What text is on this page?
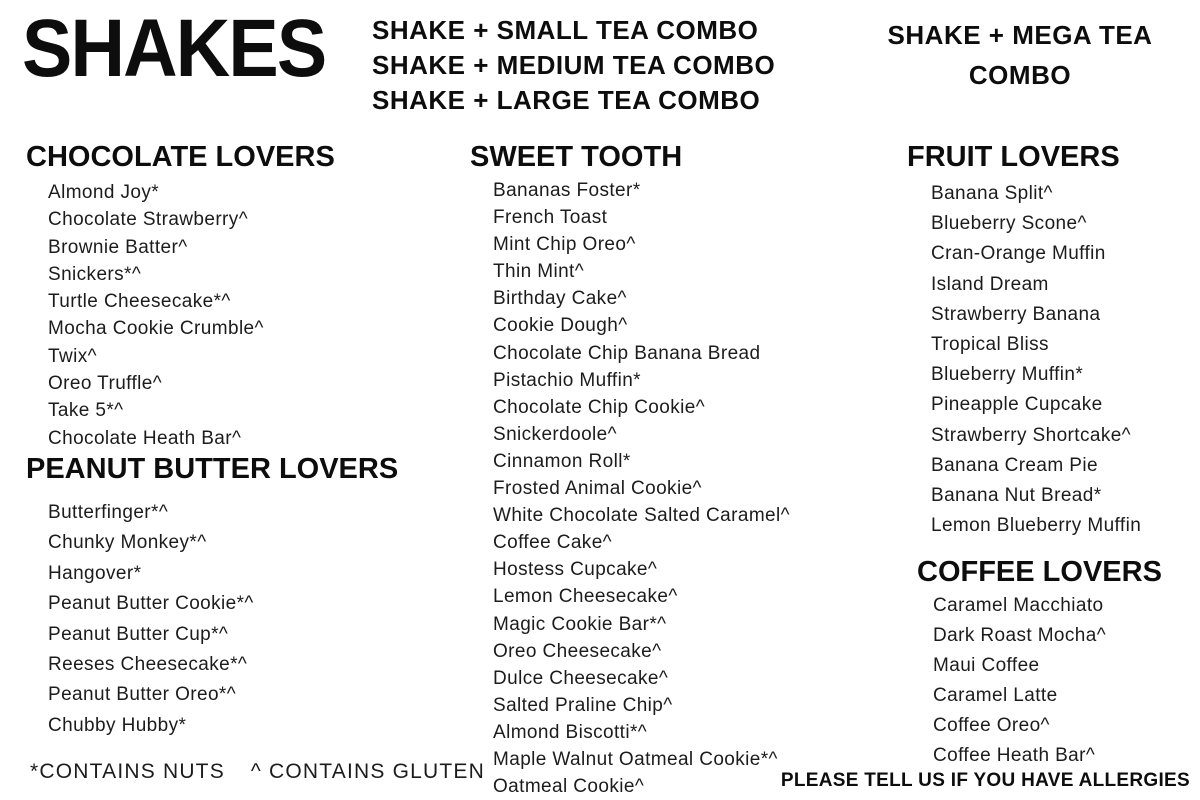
SHAKES SHAKE + SMALL TEA COMBO
SHAKE + MEDIUM TEA COMBO
SHAKE + LARGE TEA COMBO
SHAKE + MEGA TEA
COMBO
CHOCOLATE LOVERS
Almond Joy*
Chocolate Strawberry^
Brownie Batter^
Snickers*^
Turtle Cheesecake*^
Mocha Cookie Crumble^
Twix^
Oreo Truffle^
Take 5*^
Chocolate Heath Bar^
PEANUT BUTTER LOVERS
Butterfinger*^
Chunky Monkey*^
Hangover*
Peanut Butter Cookie*^
Peanut Butter Cup*^
Reeses Cheesecake*^
Peanut Butter Oreo*^
Chubby Hubby*
SWEET TOOTH
Bananas Foster*
French Toast
Mint Chip Oreo^
Thin Mint^
Birthday Cake^
Cookie Dough^
Chocolate Chip Banana Bread
Pistachio Muffin*
Chocolate Chip Cookie^
Snickerdoole^
Cinnamon Roll*
Frosted Animal Cookie^
White Chocolate Salted Caramel^
Coffee Cake^
Hostess Cupcake^
Lemon Cheesecake^
Magic Cookie Bar*^
Oreo Cheesecake^
Dulce Cheesecake^
Salted Praline Chip^
Almond Biscotti*^
Maple Walnut Oatmeal Cookie*^
Oatmeal Cookie^
FRUIT LOVERS
Banana Split^
Blueberry Scone^
Cran-Orange Muffin
Island Dream
Strawberry Banana
Tropical Bliss
Blueberry Muffin*
Pineapple Cupcake
Strawberry Shortcake^
Banana Cream Pie
Banana Nut Bread*
Lemon Blueberry Muffin
COFFEE LOVERS
Caramel Macchiato
Dark Roast Mocha^
Maui Coffee
Caramel Latte
Coffee Oreo^
Coffee Heath Bar^
*CONTAINS NUTS ^ CONTAINS GLUTEN	PLEASE TELL US IF YOU HAVE ALLERGIES
